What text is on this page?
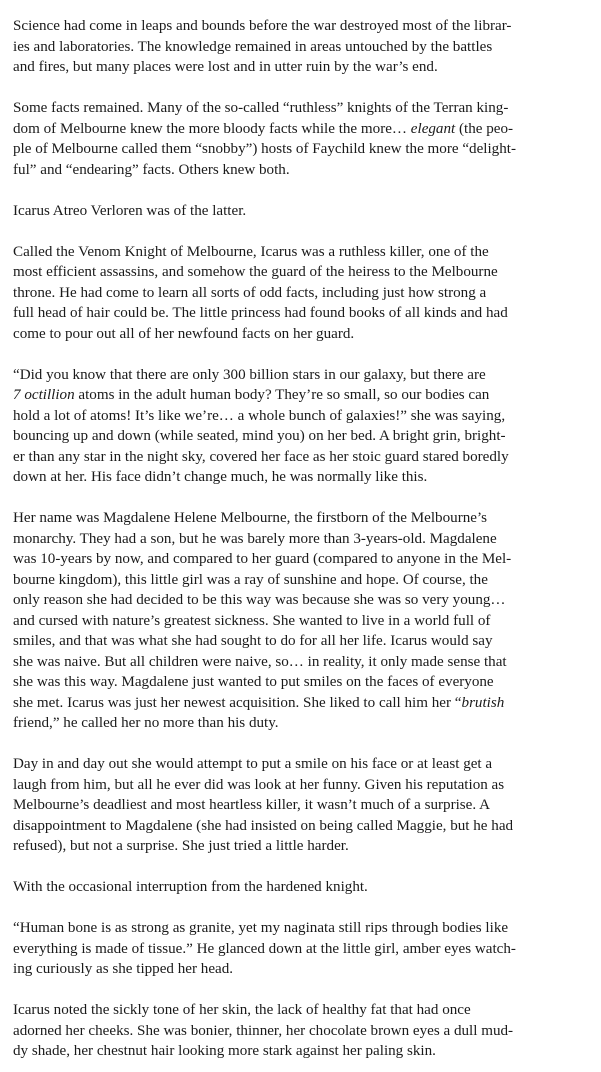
Science had come in leaps and bounds before the war destroyed most of the librar-
ies and laboratories. The knowledge remained in areas untouched by the battles
and fires, but many places were lost and in utter ruin by the war’s end.

Some facts remained. Many of the so-called “ruthless” knights of the Terran king-
dom of Melbourne knew the more bloody facts while the more… elegant (the peo-
ple of Melbourne called them “snobby”) hosts of Faychild knew the more “delight-
ful” and “endearing” facts. Others knew both.

Icarus Atreo Verloren was of the latter.

Called the Venom Knight of Melbourne, Icarus was a ruthless killer, one of the
most efficient assassins, and somehow the guard of the heiress to the Melbourne
throne. He had come to learn all sorts of odd facts, including just how strong a
full head of hair could be. The little princess had found books of all kinds and had
come to pour out all of her newfound facts on her guard.

“Did you know that there are only 300 billion stars in our galaxy, but there are
7 octillion atoms in the adult human body? They’re so small, so our bodies can
hold a lot of atoms! It’s like we’re… a whole bunch of galaxies!” she was saying,
bouncing up and down (while seated, mind you) on her bed. A bright grin, bright-
er than any star in the night sky, covered her face as her stoic guard stared boredly
down at her. His face didn’t change much, he was normally like this.

Her name was Magdalene Helene Melbourne, the firstborn of the Melbourne’s
monarchy. They had a son, but he was barely more than 3-years-old. Magdalene
was 10-years by now, and compared to her guard (compared to anyone in the Mel-
bourne kingdom), this little girl was a ray of sunshine and hope. Of course, the
only reason she had decided to be this way was because she was so very young…
and cursed with nature’s greatest sickness. She wanted to live in a world full of
smiles, and that was what she had sought to do for all her life. Icarus would say
she was naive. But all children were naive, so… in reality, it only made sense that
she was this way. Magdalene just wanted to put smiles on the faces of everyone
she met. Icarus was just her newest acquisition. She liked to call him her “brutish
friend,” he called her no more than his duty.

Day in and day out she would attempt to put a smile on his face or at least get a
laugh from him, but all he ever did was look at her funny. Given his reputation as
Melbourne’s deadliest and most heartless killer, it wasn’t much of a surprise. A
disappointment to Magdalene (she had insisted on being called Maggie, but he had
refused), but not a surprise. She just tried a little harder.

With the occasional interruption from the hardened knight.

“Human bone is as strong as granite, yet my naginata still rips through bodies like
everything is made of tissue.” He glanced down at the little girl, amber eyes watch-
ing curiously as she tipped her head.

Icarus noted the sickly tone of her skin, the lack of healthy fat that had once
adorned her cheeks. She was bonier, thinner, her chocolate brown eyes a dull mud-
dy shade, her chestnut hair looking more stark against her paling skin.
